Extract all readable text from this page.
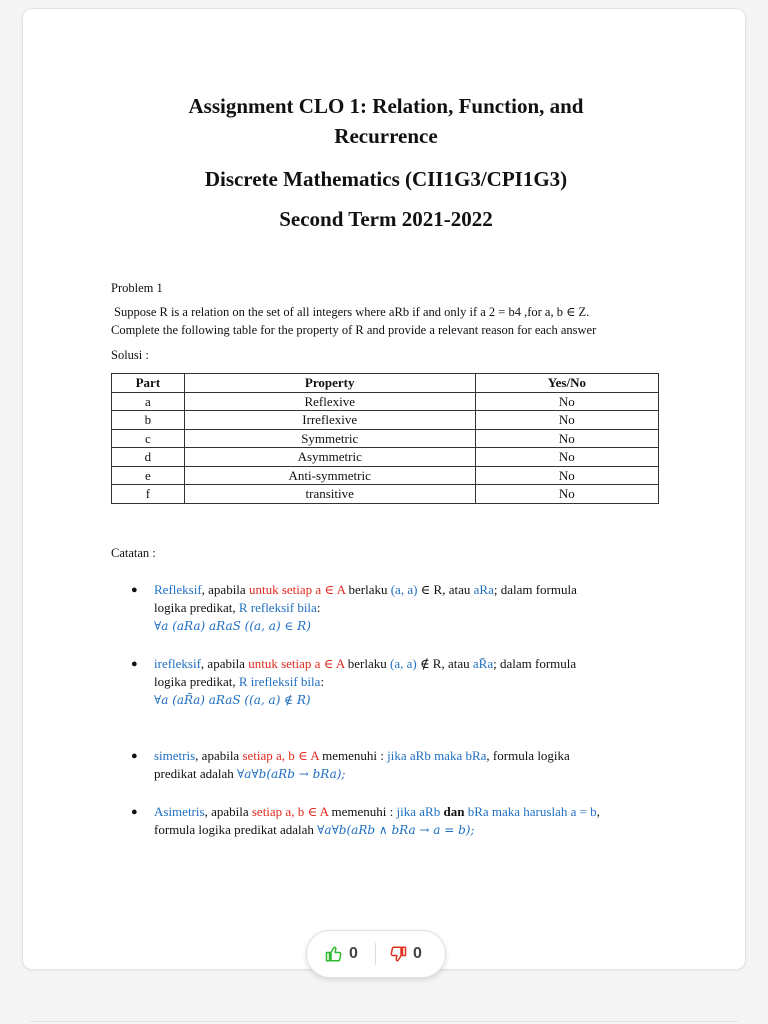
Assignment CLO 1: Relation, Function, and
Recurrence
Discrete Mathematics (CII1G3/CPI1G3)
Second Term 2021-2022
Problem 1
Suppose R is a relation on the set of all integers where aRb if and only if a 2 = b4 ,for a, b ∈ Z.
Complete the following table for the property of R and provide a relevant reason for each answer
Solusi :
Part	Property	Yes/No
a	Reflexive	No
b	Irreflexive	No
c	Symmetric	No
d	Asymmetric	No
e	Anti-symmetric	No
f	transitive	No
Catatan :
● Refleksif, apabila untuk setiap a ∈ A berlaku (a, a) ∈ R, atau aRa; dalam formula
logika predikat, R refleksif bila:
∀a (aRa) aRaS ((a, a) ∈ R)
● irefleksif, apabila untuk setiap a ∈ A berlaku (a, a) ∉ R, atau aR̄a; dalam formula
logika predikat, R irefleksif bila:
∀a (aR̄a) aRaS ((a, a) ∉ R)
● simetris, apabila setiap a, b ∈ A memenuhi : jika aRb maka bRa, formula logika
predikat adalah ∀a∀b(aRb → bRa);
● Asimetris, apabila setiap a, b ∈ A memenuhi : jika aRb dan bRa maka haruslah a = b,
formula logika predikat adalah ∀a∀b(aRb ∧ bRa → a = b);
0	0
